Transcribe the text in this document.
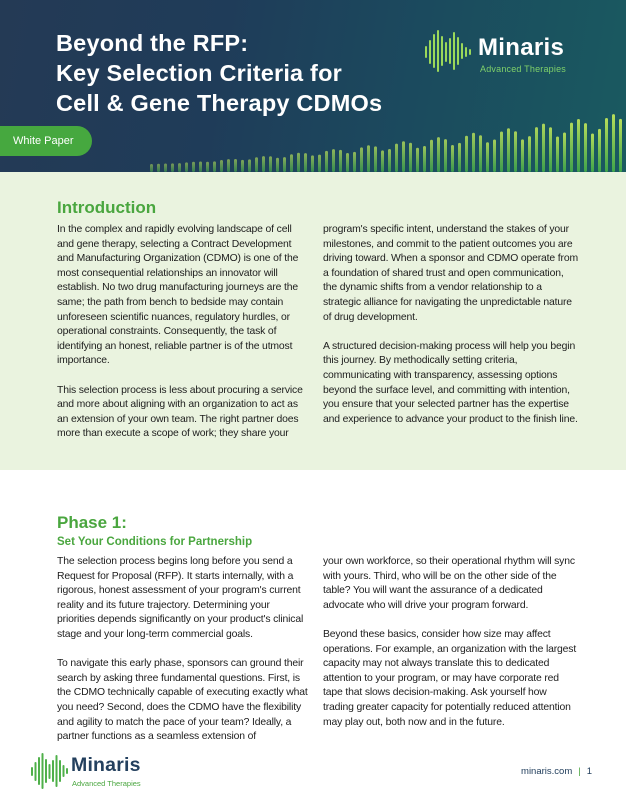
Beyond the RFP:
Key Selection Criteria for
Cell & Gene Therapy CDMOs
Minaris
Advanced Therapies
White Paper
Introduction

In the complex and rapidly evolving landscape of cell and gene therapy, selecting a Contract Development and Manufacturing Organization (CDMO) is one of the most consequential relationships an innovator will establish. No two drug manufacturing journeys are the same; the path from bench to bedside may contain unforeseen scientific nuances, regulatory hurdles, or operational constraints. Consequently, the task of identifying an honest, reliable partner is of the utmost importance.

This selection process is less about procuring a service and more about aligning with an organization to act as an extension of your own team. The right partner does more than execute a scope of work; they share your

program's specific intent, understand the stakes of your milestones, and commit to the patient outcomes you are driving toward. When a sponsor and CDMO operate from a foundation of shared trust and open communication, the dynamic shifts from a vendor relationship to a strategic alliance for navigating the unpredictable nature of drug development.

A structured decision-making process will help you begin this journey. By methodically setting criteria, communicating with transparency, assessing options beyond the surface level, and committing with intention, you ensure that your selected partner has the expertise and experience to advance your product to the finish line.

Phase 1:
Set Your Conditions for Partnership

The selection process begins long before you send a Request for Proposal (RFP). It starts internally, with a rigorous, honest assessment of your program's current reality and its future trajectory. Determining your priorities depends significantly on your product's clinical stage and your long-term commercial goals.

To navigate this early phase, sponsors can ground their search by asking three fundamental questions. First, is the CDMO technically capable of executing exactly what you need? Second, does the CDMO have the flexibility and agility to match the pace of your team? Ideally, a partner functions as a seamless extension of

your own workforce, so their operational rhythm will sync with yours. Third, who will be on the other side of the table? You will want the assurance of a dedicated advocate who will drive your program forward.

Beyond these basics, consider how size may affect operations. For example, an organization with the largest capacity may not always translate this to dedicated attention to your program, or may have corporate red tape that slows decision-making. Ask yourself how trading greater capacity for potentially reduced attention may play out, both now and in the future.

Minaris
Advanced Therapies
minaris.com | 1
